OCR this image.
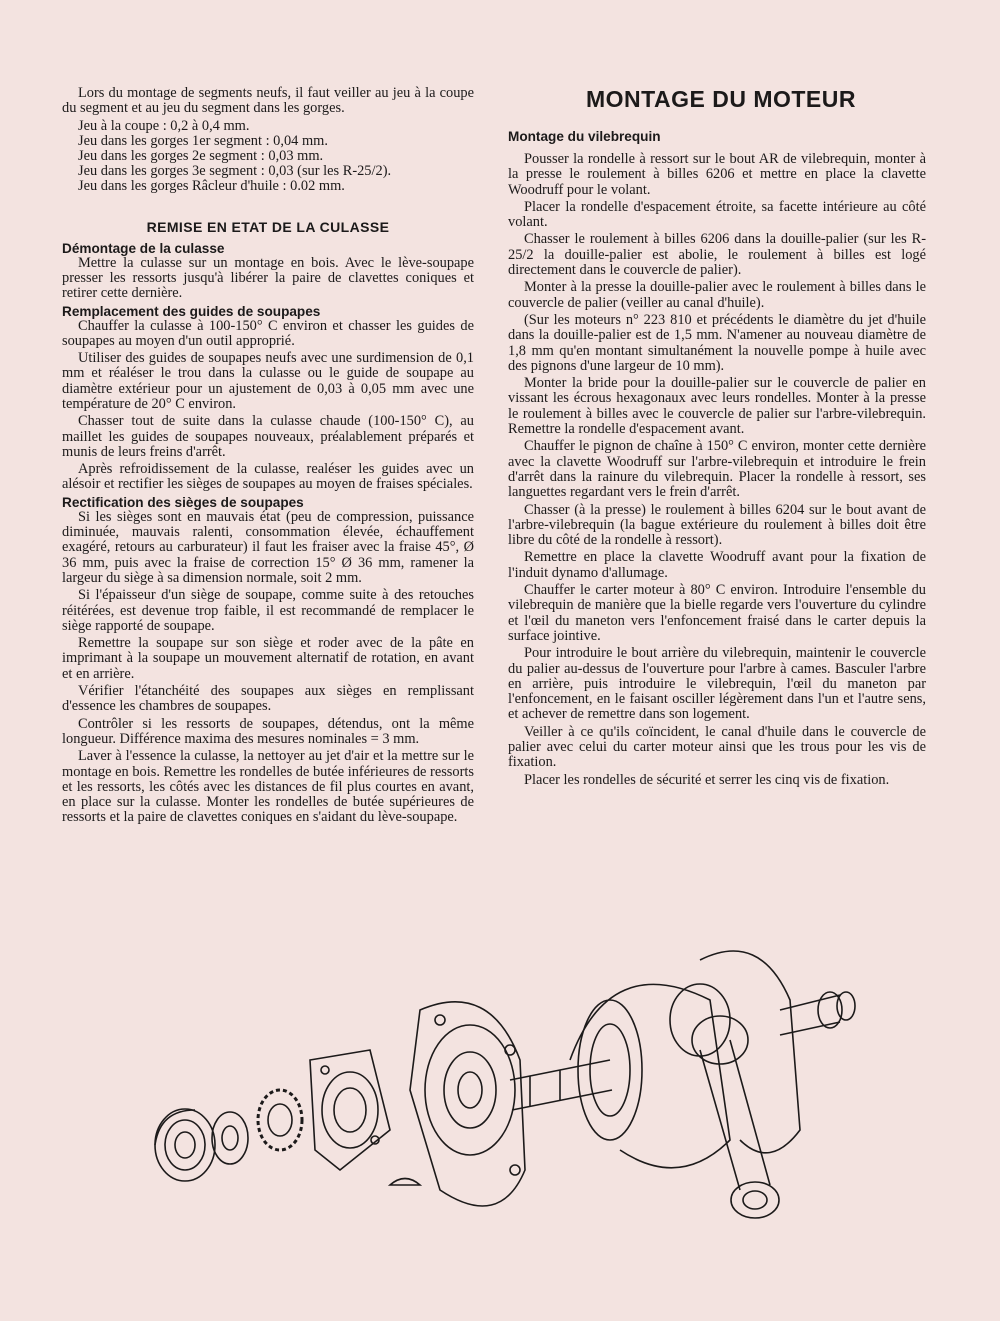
Lors du montage de segments neufs, il faut veiller au jeu à la coupe du segment et au jeu du segment dans les gorges.

Jeu à la coupe : 0,2 à 0,4 mm.
Jeu dans les gorges 1er segment : 0,04 mm.
Jeu dans les gorges 2e segment : 0,03 mm.
Jeu dans les gorges 3e segment : 0,03 (sur les R-25/2).
Jeu dans les gorges Râcleur d'huile : 0.02 mm.
REMISE EN ETAT DE LA CULASSE
Démontage de la culasse

Mettre la culasse sur un montage en bois. Avec le lève-soupape presser les ressorts jusqu'à libérer la paire de clavettes coniques et retirer cette dernière.

Remplacement des guides de soupapes

Chauffer la culasse à 100-150° C environ et chasser les guides de soupapes au moyen d'un outil approprié.

Utiliser des guides de soupapes neufs avec une surdimension de 0,1 mm et réaléser le trou dans la culasse ou le guide de soupape au diamètre extérieur pour un ajustement de 0,03 à 0,05 mm avec une température de 20° C environ.

Chasser tout de suite dans la culasse chaude (100-150° C), au maillet les guides de soupapes nouveaux, préalablement préparés et munis de leurs freins d'arrêt.

Après refroidissement de la culasse, realéser les guides avec un alésoir et rectifier les sièges de soupapes au moyen de fraises spéciales.

Rectification des sièges de soupapes

Si les sièges sont en mauvais état (peu de compression, puissance diminuée, mauvais ralenti, consommation élevée, échauffement exagéré, retours au carburateur) il faut les fraiser avec la fraise 45°, Ø 36 mm, puis avec la fraise de correction 15° Ø 36 mm, ramener la largeur du siège à sa dimension normale, soit 2 mm.

Si l'épaisseur d'un siège de soupape, comme suite à des retouches réitérées, est devenue trop faible, il est recommandé de remplacer le siège rapporté de soupape.

Remettre la soupape sur son siège et roder avec de la pâte en imprimant à la soupape un mouvement alternatif de rotation, en avant et en arrière.

Vérifier l'étanchéité des soupapes aux sièges en remplissant d'essence les chambres de soupapes.

Contrôler si les ressorts de soupapes, détendus, ont la même longueur. Différence maxima des mesures nominales = 3 mm.

Laver à l'essence la culasse, la nettoyer au jet d'air et la mettre sur le montage en bois. Remettre les rondelles de butée inférieures de ressorts et les ressorts, les côtés avec les distances de fil plus courtes en avant, en place sur la culasse. Monter les rondelles de butée supérieures de ressorts et la paire de clavettes coniques en s'aidant du lève-soupape.

MONTAGE DU MOTEUR
Montage du vilebrequin

Pousser la rondelle à ressort sur le bout AR de vilebrequin, monter à la presse le roulement à billes 6206 et mettre en place la clavette Woodruff pour le volant.

Placer la rondelle d'espacement étroite, sa facette intérieure au côté volant.

Chasser le roulement à billes 6206 dans la douille-palier (sur les R-25/2 la douille-palier est abolie, le roulement à billes est logé directement dans le couvercle de palier).

Monter à la presse la douille-palier avec le roulement à billes dans le couvercle de palier (veiller au canal d'huile).

(Sur les moteurs n° 223 810 et précédents le diamètre du jet d'huile dans la douille-palier est de 1,5 mm. N'amener au nouveau diamètre de 1,8 mm qu'en montant simultanément la nouvelle pompe à huile avec des pignons d'une largeur de 10 mm).

Monter la bride pour la douille-palier sur le couvercle de palier en vissant les écrous hexagonaux avec leurs rondelles. Monter à la presse le roulement à billes avec le couvercle de palier sur l'arbre-vilebrequin. Remettre la rondelle d'espacement avant.

Chauffer le pignon de chaîne à 150° C environ, monter cette dernière avec la clavette Woodruff sur l'arbre-vilebrequin et introduire le frein d'arrêt dans la rainure du vilebrequin. Placer la rondelle à ressort, ses languettes regardant vers le frein d'arrêt.

Chasser (à la presse) le roulement à billes 6204 sur le bout avant de l'arbre-vilebrequin (la bague extérieure du roulement à billes doit être libre du côté de la rondelle à ressort).

Remettre en place la clavette Woodruff avant pour la fixation de l'induit dynamo d'allumage.

Chauffer le carter moteur à 80° C environ. Introduire l'ensemble du vilebrequin de manière que la bielle regarde vers l'ouverture du cylindre et l'œil du maneton vers l'enfoncement fraisé dans le carter depuis la surface jointive.

Pour introduire le bout arrière du vilebrequin, maintenir le couvercle du palier au-dessus de l'ouverture pour l'arbre à cames. Basculer l'arbre en arrière, puis introduire le vilebrequin, l'œil du maneton par l'enfoncement, en le faisant osciller légèrement dans l'un et l'autre sens, et achever de remettre dans son logement.

Veiller à ce qu'ils coïncident, le canal d'huile dans le couvercle de palier avec celui du carter moteur ainsi que les trous pour les vis de fixation.

Placer les rondelles de sécurité et serrer les cinq vis de fixation.
